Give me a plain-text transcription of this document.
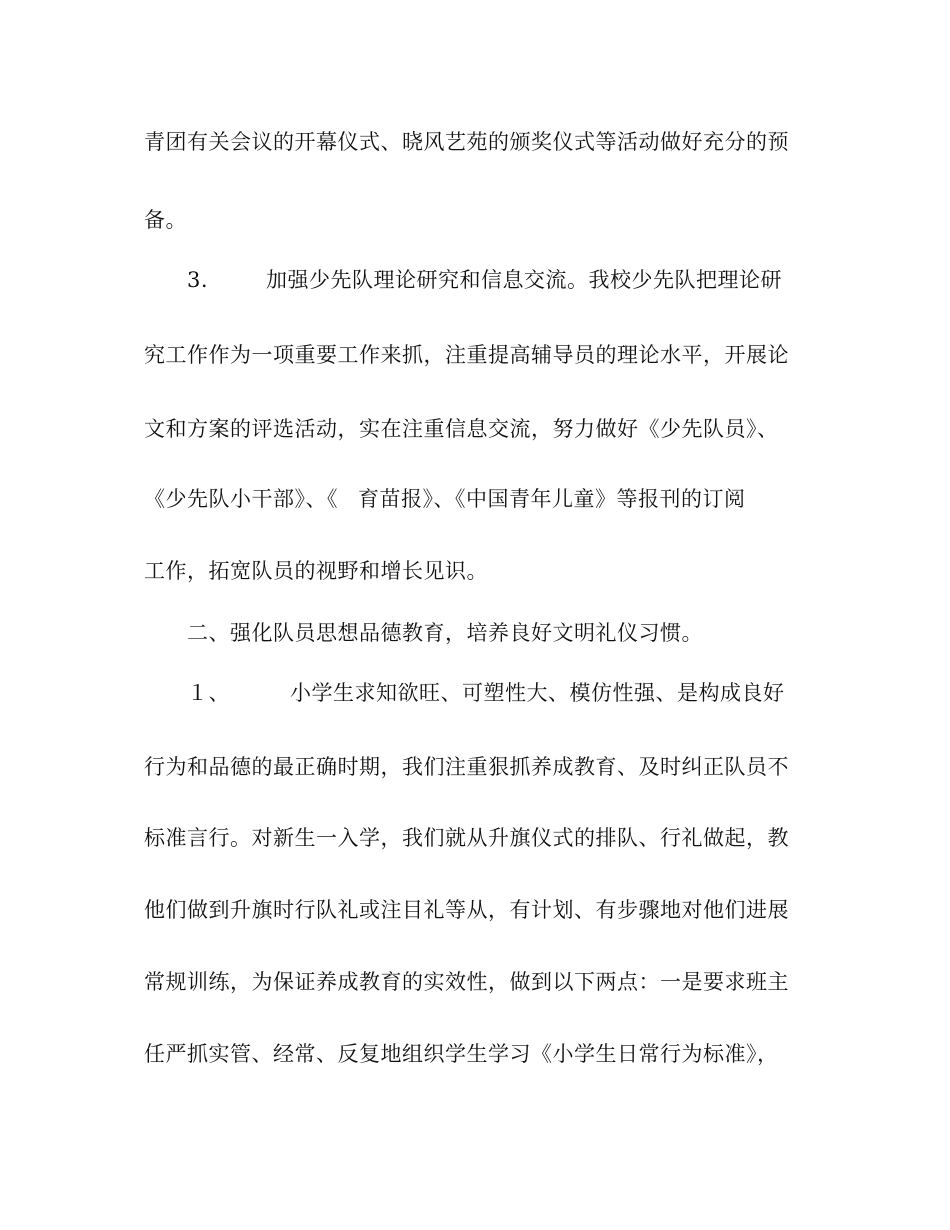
青团有关会议的开幕仪式、晓风艺苑的颁奖仪式等活动做好充分的预
备。
3.	加强少先队理论研究和信息交流。我校少先队把理论研
究工作作为一项重要工作来抓，注重提高辅导员的理论水平，开展论
文和方案的评选活动，实在注重信息交流，努力做好《少先队员》、
《少先队小干部》、《 育苗报》、《中国青年儿童》等报刊的订阅
工作，拓宽队员的视野和增长见识。
二、强化队员思想品德教育，培养良好文明礼仪习惯。
１、	小学生求知欲旺、可塑性大、模仿性强、是构成良好
行为和品德的最正确时期，我们注重狠抓养成教育、及时纠正队员不
标准言行。对新生一入学，我们就从升旗仪式的排队、行礼做起，教
他们做到升旗时行队礼或注目礼等从，有计划、有步骤地对他们进展
常规训练，为保证养成教育的实效性，做到以下两点：一是要求班主
任严抓实管、经常、反复地组织学生学习《小学生日常行为标准》，
